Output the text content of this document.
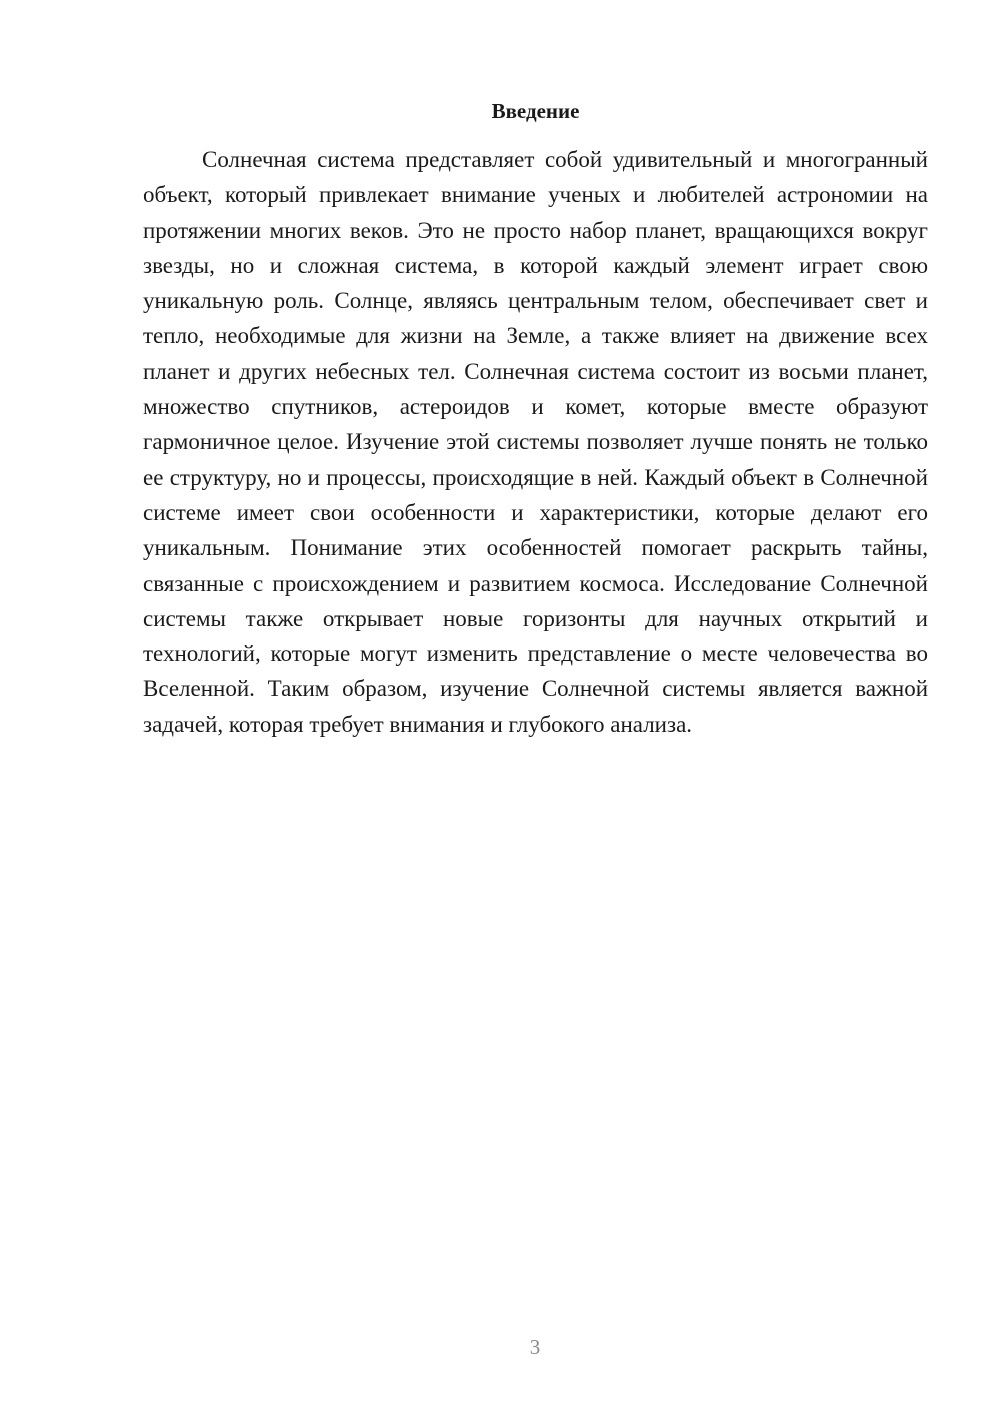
Введение

Солнечная система представляет собой удивительный и многогранный объект, который привлекает внимание ученых и любителей астрономии на протяжении многих веков. Это не просто набор планет, вращающихся вокруг звезды, но и сложная система, в которой каждый элемент играет свою уникальную роль. Солнце, являясь центральным телом, обеспечивает свет и тепло, необходимые для жизни на Земле, а также влияет на движение всех планет и других небесных тел. Солнечная система состоит из восьми планет, множество спутников, астероидов и комет, которые вместе образуют гармоничное целое. Изучение этой системы позволяет лучше понять не только ее структуру, но и процессы, происходящие в ней. Каждый объект в Солнечной системе имеет свои особенности и характеристики, которые делают его уникальным. Понимание этих особенностей помогает раскрыть тайны, связанные с происхождением и развитием космоса. Исследование Солнечной системы также открывает новые горизонты для научных открытий и технологий, которые могут изменить представление о месте человечества во Вселенной. Таким образом, изучение Солнечной системы является важной задачей, которая требует внимания и глубокого анализа.

3
